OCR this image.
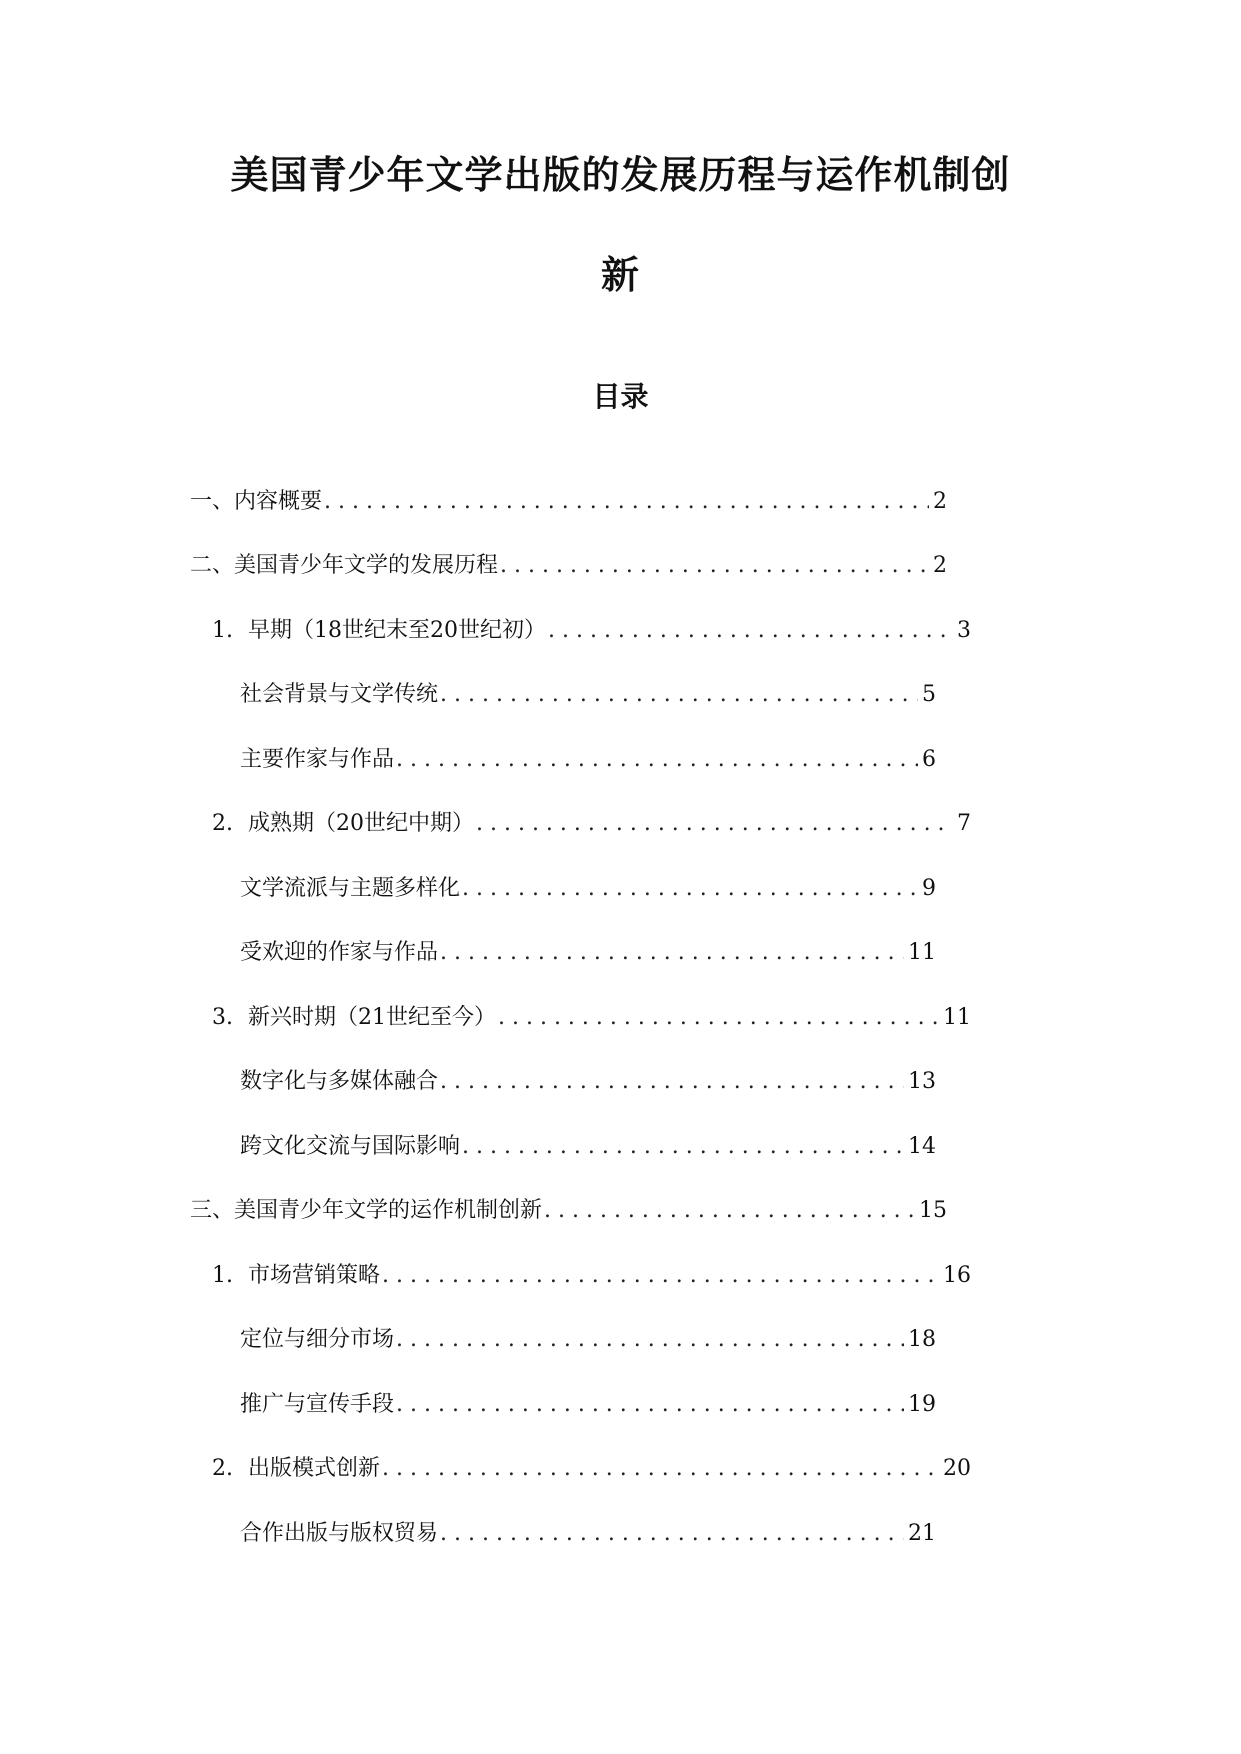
美国青少年文学出版的发展历程与运作机制创
新
目录
一、内容概要 . . .	2
二、美国青少年文学的发展历程 . . .	2
1. 早期（18世纪末至20世纪初） . . .	3
社会背景与文学传统 . . .	5
主要作家与作品 . . .	6
2. 成熟期（20世纪中期） . . .	7
文学流派与主题多样化 . . .	9
受欢迎的作家与作品 . . .	11
3. 新兴时期（21世纪至今） . . .	11
数字化与多媒体融合 . . .	13
跨文化交流与国际影响 . . .	14
三、美国青少年文学的运作机制创新 . . .	15
1. 市场营销策略 . . .	16
定位与细分市场 . . .	18
推广与宣传手段 . . .	19
2. 出版模式创新 . . .	20
合作出版与版权贸易 . . .	21
